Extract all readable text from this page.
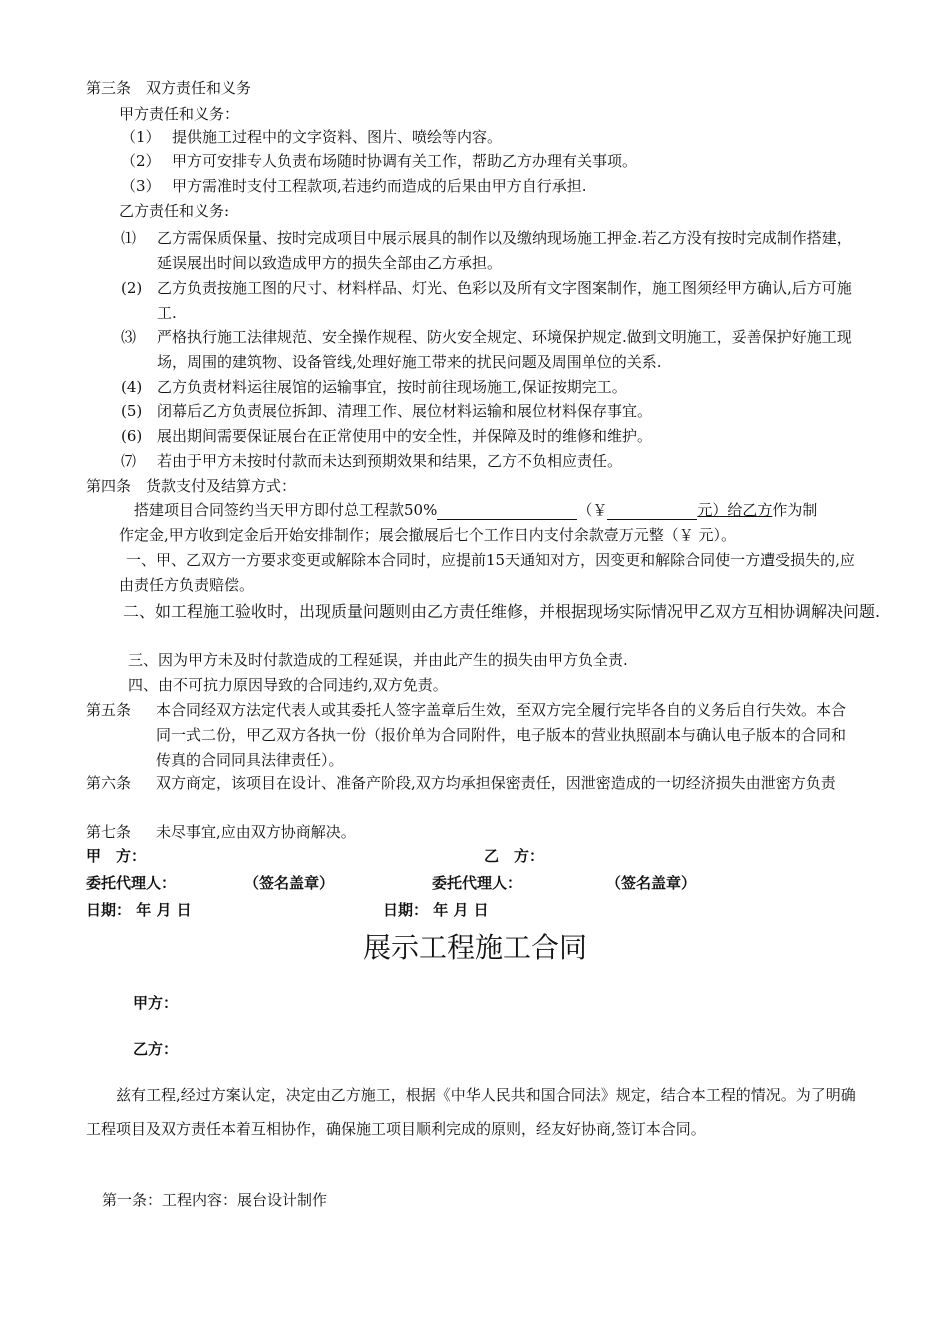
第三条　双方责任和义务
甲方责任和义务：
（1） 提供施工过程中的文字资料、图片、喷绘等内容。
（2） 甲方可安排专人负责布场随时协调有关工作，帮助乙方办理有关事项。
（3） 甲方需准时支付工程款项,若违约而造成的后果由甲方自行承担.
乙方责任和义务:
⑴ 乙方需保质保量、按时完成项目中展示展具的制作以及缴纳现场施工押金.若乙方没有按时完成制作搭建，延误展出时间以致造成甲方的损失全部由乙方承担。
(2) 乙方负责按施工图的尺寸、材料样品、灯光、色彩以及所有文字图案制作，施工图须经甲方确认,后方可施工.
⑶ 严格执行施工法律规范、安全操作规程、防火安全规定、环境保护规定.做到文明施工，妥善保护好施工现场，周围的建筑物、设备管线,处理好施工带来的扰民问题及周围单位的关系.
(4) 乙方负责材料运往展馆的运输事宜，按时前往现场施工,保证按期完工。
(5) 闭幕后乙方负责展位拆卸、清理工作、展位材料运输和展位材料保存事宜。
(6) 展出期间需要保证展台在正常使用中的安全性，并保障及时的维修和维护。
⑺ 若由于甲方未按时付款而未达到预期效果和结果，乙方不负相应责任。
第四条　货款支付及结算方式：
搭建项目合同签约当天甲方即付总工程款50%	（￥	元）给乙方作为制
作定金,甲方收到定金后开始安排制作；展会撤展后七个工作日内支付余款壹万元整（￥ 元）。
一、甲、乙双方一方要求变更或解除本合同时，应提前15天通知对方，因变更和解除合同使一方遭受损失的,应由责任方负责赔偿。
二、如工程施工验收时，出现质量问题则由乙方责任维修，并根据现场实际情况甲乙双方互相协调解决问题.
三、因为甲方未及时付款造成的工程延误，并由此产生的损失由甲方负全责.
四、由不可抗力原因导致的合同违约,双方免责。
第五条 本合同经双方法定代表人或其委托人签字盖章后生效，至双方完全履行完毕各自的义务后自行失效。本合同一式二份，甲乙双方各执一份（报价单为合同附件，电子版本的营业执照副本与确认电子版本的合同和传真的合同同具法律责任）。
第六条 双方商定，该项目在设计、准备产阶段,双方均承担保密责任，因泄密造成的一切经济损失由泄密方负责
第七条 未尽事宜,应由双方协商解决。
甲　方：	乙　方：
委托代理人：	（签名盖章）	委托代理人：	（签名盖章）
日期： 年 月 日	日期： 年 月 日
展示工程施工合同
甲方：
乙方：
兹有工程,经过方案认定，决定由乙方施工，根据《中华人民共和国合同法》规定，结合本工程的情况。为了明确工程项目及双方责任本着互相协作，确保施工项目顺利完成的原则，经友好协商,签订本合同。
第一条：工程内容：展台设计制作
